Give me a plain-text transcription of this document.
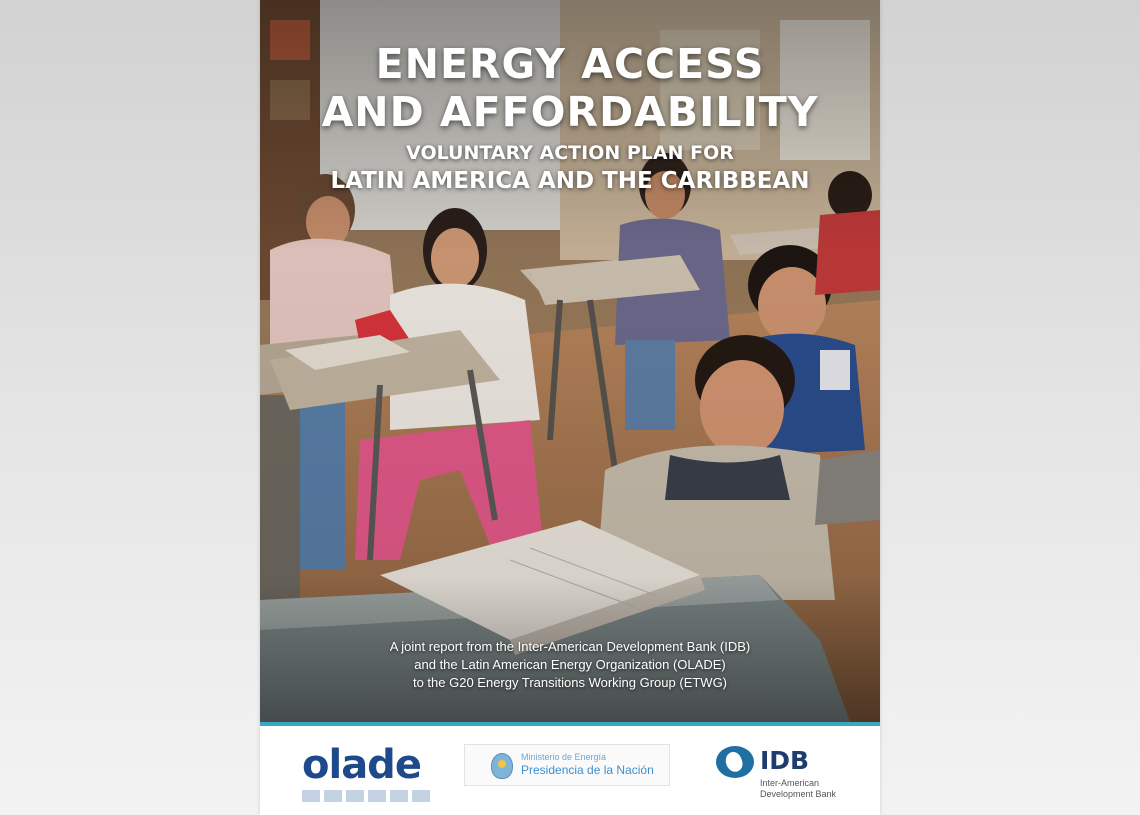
ENERGY ACCESS
AND AFFORDABILITY
VOLUNTARY ACTION PLAN FOR
LATIN AMERICA AND THE CARIBBEAN
A joint report from the Inter-American Development Bank (IDB)
and the Latin American Energy Organization (OLADE)
to the G20 Energy Transitions Working Group (ETWG)
olade	Ministerio de Energía
Presidencia de la Nación	IDB
Inter-American
Development Bank
